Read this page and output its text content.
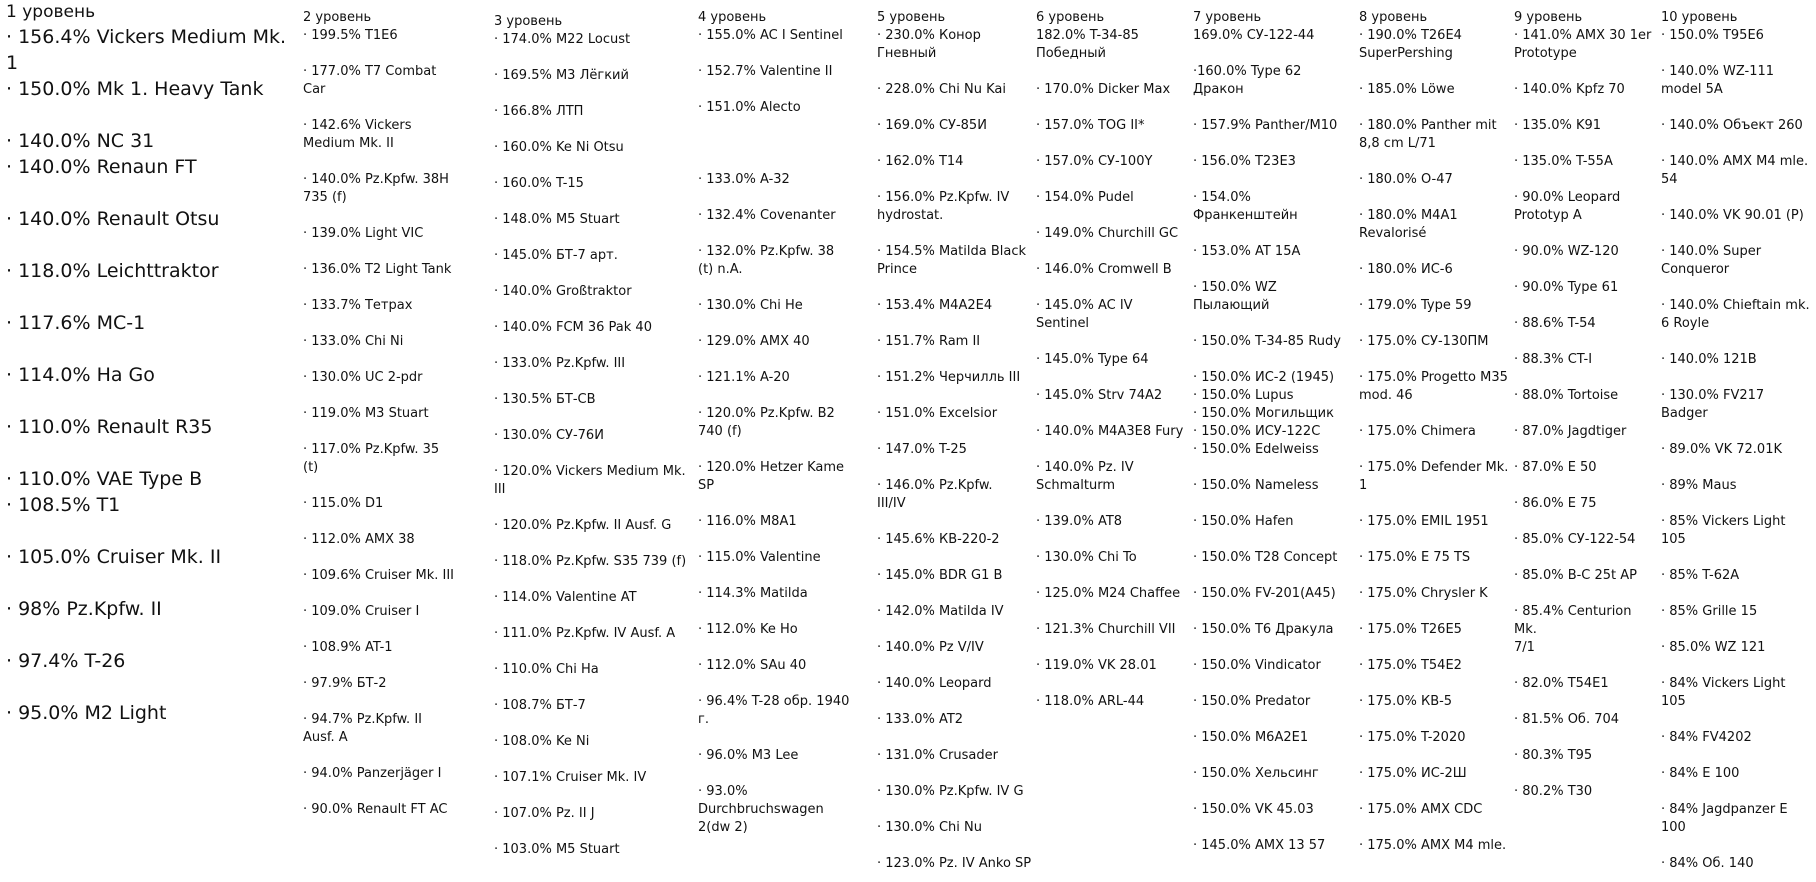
1 уровень
· 156.4% Vickers Medium Mk. 1
· 150.0% Mk 1. Heavy Tank
· 140.0% NC 31
· 140.0% Renaun FT
· 140.0% Renault Otsu
· 118.0% Leichttraktor
· 117.6% MC-1
· 114.0% Ha Go
· 110.0% Renault R35
· 110.0% VAE Type B
· 108.5% T1
· 105.0% Cruiser Mk. II
· 98% Pz.Kpfw. II
· 97.4% T-26
· 95.0% M2 Light
2 уровень
· 199.5% T1E6
· 177.0% T7 Combat
Car
· 142.6% Vickers
Medium Mk. II
· 140.0% Pz.Kpfw. 38H
735 (f)
· 139.0% Light VIC
· 136.0% T2 Light Tank
· 133.7% Тетрах
· 133.0% Chi Ni
· 130.0% UC 2-pdr
· 119.0% M3 Stuart
· 117.0% Pz.Kpfw. 35
(t)
· 115.0% D1
· 112.0% AMX 38
· 109.6% Cruiser Mk. III
· 109.0% Cruiser I
· 108.9% AT-1
· 97.9% БТ-2
· 94.7% Pz.Kpfw. II
Ausf. A
· 94.0% Panzerjäger I
· 90.0% Renault FT AC
3 уровень
· 174.0% M22 Locust
· 169.5% M3 Лёгкий
· 166.8% ЛТП
· 160.0% Ke Ni Otsu
· 160.0% T-15
· 148.0% M5 Stuart
· 145.0% БТ-7 арт.
· 140.0% Großtraktor
· 140.0% FCM 36 Pak 40
· 133.0% Pz.Kpfw. III
· 130.5% БТ-СВ
· 130.0% СУ-76И
· 120.0% Vickers Medium Mk. III
· 120.0% Pz.Kpfw. II Ausf. G
· 118.0% Pz.Kpfw. S35 739 (f)
· 114.0% Valentine AT
· 111.0% Pz.Kpfw. IV Ausf. A
· 110.0% Chi Ha
· 108.7% БТ-7
· 108.0% Ke Ni
· 107.1% Cruiser Mk. IV
· 107.0% Pz. II J
· 103.0% M5 Stuart
4 уровень
· 155.0% AC I Sentinel
· 152.7% Valentine II
· 151.0% Alecto
· 133.0% A-32
· 132.4% Covenanter
· 132.0% Pz.Kpfw. 38
(t) n.A.
· 130.0% Chi He
· 129.0% AMX 40
· 121.1% A-20
· 120.0% Pz.Kpfw. B2
740 (f)
· 120.0% Hetzer Kame
SP
· 116.0% M8A1
· 115.0% Valentine
· 114.3% Matilda
· 112.0% Ke Ho
· 112.0% SAu 40
· 96.4% T-28 обр. 1940
г.
· 96.0% M3 Lee
· 93.0%
Durchbruchswagen
2(dw 2)
5 уровень
· 230.0% Конор
Гневный
· 228.0% Chi Nu Kai
· 169.0% СУ-85И
· 162.0% T14
· 156.0% Pz.Kpfw. IV
hydrostat.
· 154.5% Matilda Black
Prince
· 153.4% M4A2E4
· 151.7% Ram II
· 151.2% Черчилль III
· 151.0% Excelsior
· 147.0% T-25
· 146.0% Pz.Kpfw.
III/IV
· 145.6% КВ-220-2
· 145.0% BDR G1 B
· 142.0% Matilda IV
· 140.0% Pz V/IV
· 140.0% Leopard
· 133.0% AT2
· 131.0% Crusader
· 130.0% Pz.Kpfw. IV G
· 130.0% Chi Nu
· 123.0% Pz. IV Anko SP
6 уровень
182.0% T-34-85
Победный
· 170.0% Dicker Max
· 157.0% TOG II*
· 157.0% СУ-100Y
· 154.0% Pudel
· 149.0% Churchill GC
· 146.0% Cromwell B
· 145.0% AC IV
Sentinel
· 145.0% Type 64
· 145.0% Strv 74A2
· 140.0% M4A3E8 Fury
· 140.0% Pz. IV
Schmalturm
· 139.0% AT8
· 130.0% Chi To
· 125.0% M24 Chaffee
· 121.3% Churchill VII
· 119.0% VK 28.01
· 118.0% ARL-44
7 уровень
169.0% СУ-122-44
·160.0% Type 62
Дракон
· 157.9% Panther/M10
· 156.0% T23E3
· 154.0%
Франкенштейн
· 153.0% AT 15A
· 150.0% WZ
Пылающий
· 150.0% T-34-85 Rudy
· 150.0% ИС-2 (1945)
· 150.0% Lupus
· 150.0% Могильщик
· 150.0% ИСУ-122С
· 150.0% Edelweiss
· 150.0% Nameless
· 150.0% Hafen
· 150.0% T28 Concept
· 150.0% FV-201(A45)
· 150.0% T6 Дракула
· 150.0% Vindicator
· 150.0% Predator
· 150.0% M6A2E1
· 150.0% Хельсинг
· 150.0% VK 45.03
· 145.0% AMX 13 57
8 уровень
· 190.0% T26E4
SuperPershing
· 185.0% Löwe
· 180.0% Panther mit
8,8 cm L/71
· 180.0% O-47
· 180.0% M4A1
Revalorisé
· 180.0% ИС-6
· 179.0% Type 59
· 175.0% СУ-130ПМ
· 175.0% Progetto M35
mod. 46
· 175.0% Chimera
· 175.0% Defender Mk.
1
· 175.0% EMIL 1951
· 175.0% E 75 TS
· 175.0% Chrysler K
· 175.0% T26E5
· 175.0% T54E2
· 175.0% КВ-5
· 175.0% T-2020
· 175.0% ИС-2Ш
· 175.0% AMX CDC
· 175.0% AMX M4 mle.
9 уровень
· 141.0% AMX 30 1er
Prototype
· 140.0% Kpfz 70
· 135.0% K91
· 135.0% T-55A
· 90.0% Leopard
Prototyp A
· 90.0% WZ-120
· 90.0% Type 61
· 88.6% T-54
· 88.3% CT-I
· 88.0% Tortoise
· 87.0% Jagdtiger
· 87.0% E 50
· 86.0% E 75
· 85.0% СУ-122-54
· 85.0% B-C 25t AP
· 85.4% Centurion Mk.
7/1
· 82.0% T54E1
· 81.5% Об. 704
· 80.3% T95
· 80.2% T30
10 уровень
· 150.0% T95E6
· 140.0% WZ-111
model 5A
· 140.0% Объект 260
· 140.0% AMX M4 mle.
54
· 140.0% VK 90.01 (P)
· 140.0% Super
Conqueror
· 140.0% Chieftain mk.
6 Royle
· 140.0% 121B
· 130.0% FV217 Badger
· 89.0% VK 72.01K
· 89% Maus
· 85% Vickers Light 105
· 85% T-62A
· 85% Grille 15
· 85.0% WZ 121
· 84% Vickers Light 105
· 84% FV4202
· 84% E 100
· 84% Jagdpanzer E 100
· 84% Об. 140
